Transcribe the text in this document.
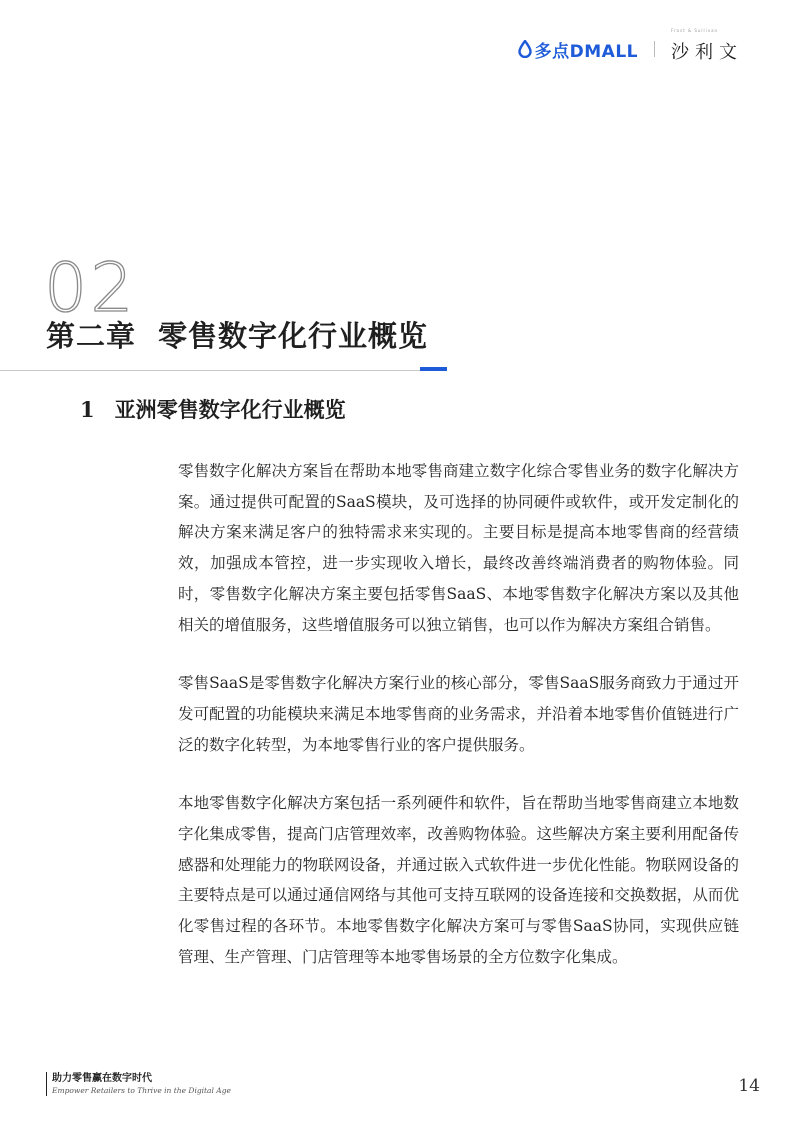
多点DMALL
Frost & Sullivan
沙利文
02
第二章 零售数字化行业概览
1 亚洲零售数字化行业概览

零售数字化解决方案旨在帮助本地零售商建立数字化综合零售业务的数字化解决方案。通过提供可配置的SaaS模块，及可选择的协同硬件或软件，或开发定制化的解决方案来满足客户的独特需求来实现的。主要目标是提高本地零售商的经营绩效，加强成本管控，进一步实现收入增长，最终改善终端消费者的购物体验。同时，零售数字化解决方案主要包括零售SaaS、本地零售数字化解决方案以及其他相关的增值服务，这些增值服务可以独立销售，也可以作为解决方案组合销售。

零售SaaS是零售数字化解决方案行业的核心部分，零售SaaS服务商致力于通过开发可配置的功能模块来满足本地零售商的业务需求，并沿着本地零售价值链进行广泛的数字化转型，为本地零售行业的客户提供服务。

本地零售数字化解决方案包括一系列硬件和软件，旨在帮助当地零售商建立本地数字化集成零售，提高门店管理效率，改善购物体验。这些解决方案主要利用配备传感器和处理能力的物联网设备，并通过嵌入式软件进一步优化性能。物联网设备的主要特点是可以通过通信网络与其他可支持互联网的设备连接和交换数据，从而优化零售过程的各环节。本地零售数字化解决方案可与零售SaaS协同，实现供应链管理、生产管理、门店管理等本地零售场景的全方位数字化集成。

助力零售赢在数字时代
Empower Retailers to Thrive in the Digital Age	14
